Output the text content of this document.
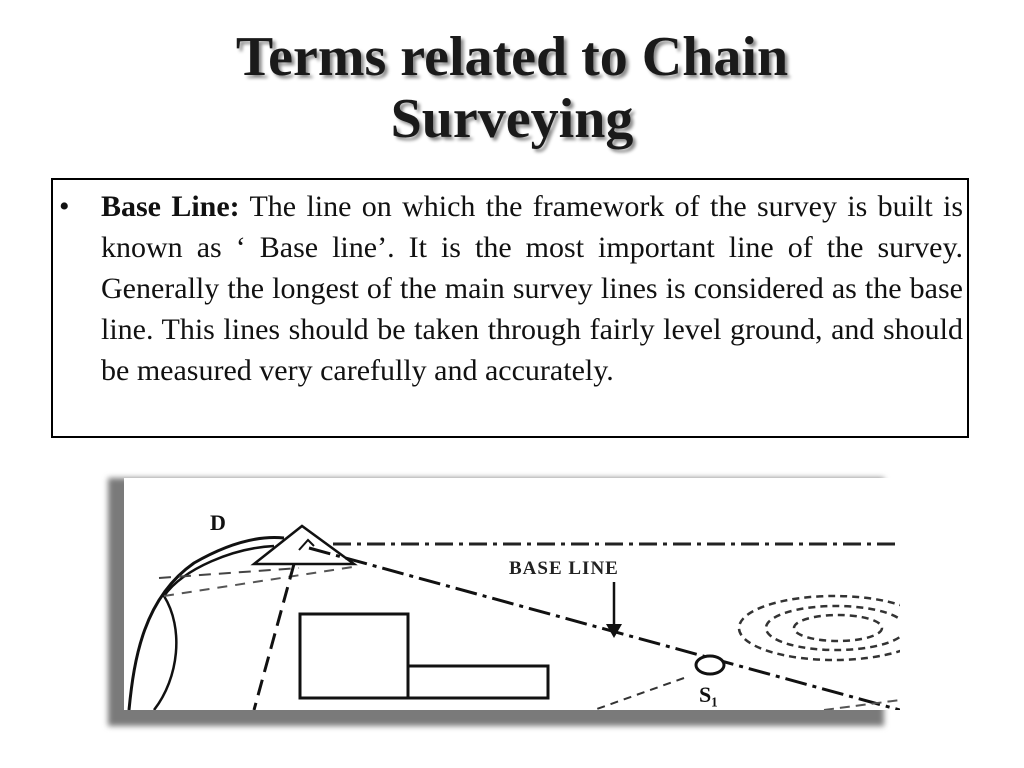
Terms related to Chain
Surveying
• Base Line: The line on which the framework of the survey is built is known as ‘ Base line’. It is the most important line of the survey. Generally the longest of the main survey lines is considered as the base line. This lines should be taken through fairly level ground, and should be measured very carefully and accurately.
D
BASE LINE
S₁
